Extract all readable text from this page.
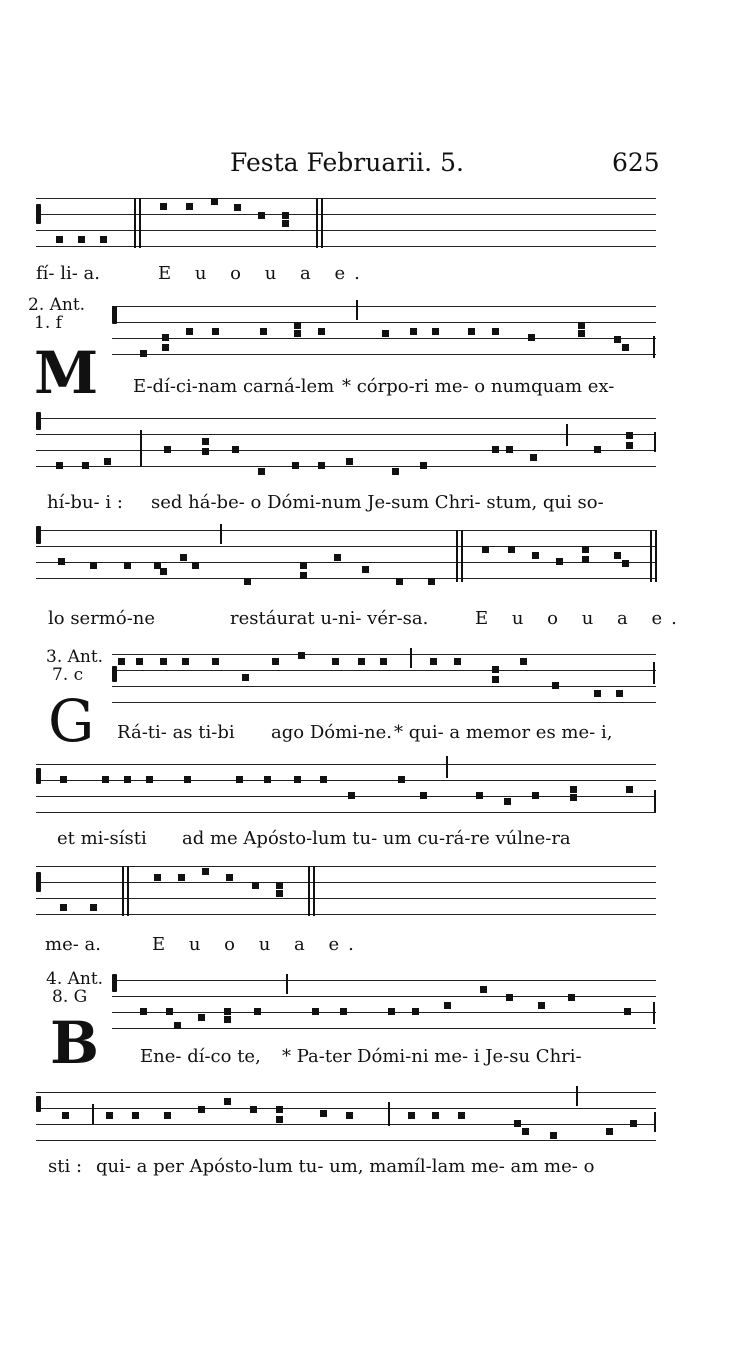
Festa Februarii. 5.	625
fí- li- a.	E u o u a e.
2. Ant.
1. f
M E-dí-ci-nam carná-lem * córpo-ri me- o numquam ex-
hí-bu- i : sed há-be- o Dómi-num Je-sum Chri- stum, qui so-
lo sermó-ne	restáurat u-ni- vér-sa.	E u o u a e.
3. Ant.
7. c
G Rá-ti- as ti-bi ago Dómi-ne. * qui- a memor es me- i,
et mi-sísti ad me Apósto-lum tu- um cu-rá-re vúlne-ra
me- a.	E u o u a e.
4. Ant.
8. G
B Ene- dí-co te, * Pa-ter Dómi-ni me- i Je-su Chri-
sti : qui- a per Apósto-lum tu- um, mamíl-lam me- am me- o
